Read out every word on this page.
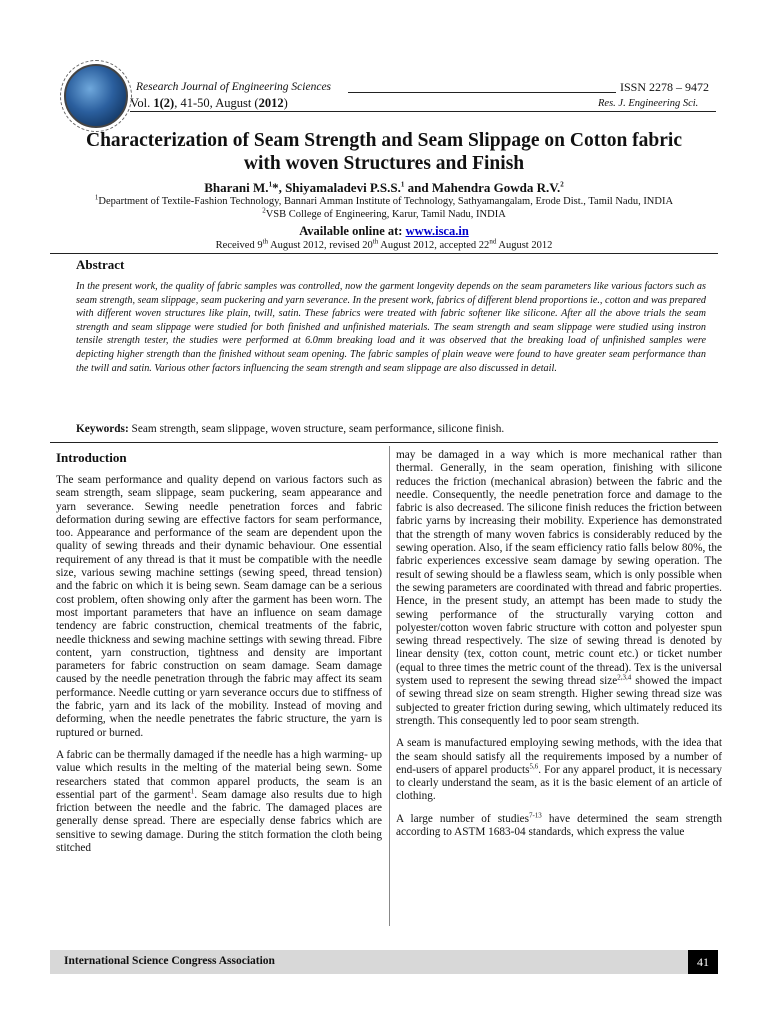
Research Journal of Engineering Sciences	ISSN 2278 – 9472
Vol. 1(2), 41-50, August (2012)	Res. J. Engineering Sci.
Characterization of Seam Strength and Seam Slippage on Cotton fabric
with woven Structures and Finish
Bharani M.$^1$*, Shiyamaladevi P.S.S.$^1$ and Mahendra Gowda R.V.$^2$
$^1$Department of Textile-Fashion Technology, Bannari Amman Institute of Technology, Sathyamangalam, Erode Dist., Tamil Nadu, INDIA
$^2$VSB College of Engineering, Karur, Tamil Nadu, INDIA
Available online at: www.isca.in
Received 9th August 2012, revised 20th August 2012, accepted 22nd August 2012
Abstract
In the present work, the quality of fabric samples was controlled, now the garment longevity depends on the seam parameters like various factors such as seam strength, seam slippage, seam puckering and yarn severance. In the present work, fabrics of different blend proportions ie., cotton and was prepared with different woven structures like plain, twill, satin. These fabrics were treated with fabric softener like silicone. After all the above trials the seam strength and seam slippage were studied for both finished and unfinished materials. The seam strength and seam slippage were studied using instron tensile strength tester, the studies were performed at 6.0mm breaking load and it was observed that the breaking load of unfinished samples were depicting higher strength than the finished without seam opening. The fabric samples of plain weave were found to have greater seam performance than the twill and satin. Various other factors influencing the seam strength and seam slippage are also discussed in detail.
Keywords: Seam strength, seam slippage, woven structure, seam performance, silicone finish.
Introduction

The seam performance and quality depend on various factors such as seam strength, seam slippage, seam puckering, seam appearance and yarn severance. Sewing needle penetration forces and fabric deformation during sewing are effective factors for seam performance, too. Appearance and performance of the seam are dependent upon the quality of sewing threads and their dynamic behaviour. One essential requirement of any thread is that it must be compatible with the needle size, various sewing machine settings (sewing speed, thread tension) and the fabric on which it is being sewn. Seam damage can be a serious cost problem, often showing only after the garment has been worn. The most important parameters that have an influence on seam damage tendency are fabric construction, chemical treatments of the fabric, needle thickness and sewing machine settings with sewing thread. Fibre content, yarn construction, tightness and density are important parameters for fabric construction on seam damage. Seam damage caused by the needle penetration through the fabric may affect its seam performance. Needle cutting or yarn severance occurs due to stiffness of the fabric, yarn and its lack of the mobility. Instead of moving and deforming, when the needle penetrates the fabric structure, the yarn is ruptured or burned.

A fabric can be thermally damaged if the needle has a high warming- up value which results in the melting of the material being sewn. Some researchers stated that common apparel products, the seam is an essential part of the garment$^1$. Seam damage also results due to high friction between the needle and the fabric. The damaged places are generally dense spread. There are especially dense fabrics which are sensitive to sewing damage. During the stitch formation the cloth being stitched

may be damaged in a way which is more mechanical rather than thermal. Generally, in the seam operation, finishing with silicone reduces the friction (mechanical abrasion) between the fabric and the needle. Consequently, the needle penetration force and damage to the fabric is also decreased. The silicone finish reduces the friction between fabric yarns by increasing their mobility. Experience has demonstrated that the strength of many woven fabrics is considerably reduced by the sewing operation. Also, if the seam efficiency ratio falls below 80%, the fabric experiences excessive seam damage by sewing operation. The result of sewing should be a flawless seam, which is only possible when the sewing parameters are coordinated with thread and fabric properties. Hence, in the present study, an attempt has been made to study the sewing performance of the structurally varying cotton and polyester/cotton woven fabric structure with cotton and polyester spun sewing thread respectively. The size of sewing thread is denoted by linear density (tex, cotton count, metric count etc.) or ticket number (equal to three times the metric count of the thread). Tex is the universal system used to represent the sewing thread size$^{2,3,4}$ showed the impact of sewing thread size on seam strength. Higher sewing thread size was subjected to greater friction during sewing, which ultimately reduced its strength. This consequently led to poor seam strength.

A seam is manufactured employing sewing methods, with the idea that the seam should satisfy all the requirements imposed by a number of end-users of apparel products$^{5,6}$. For any apparel product, it is necessary to clearly understand the seam, as it is the basic element of an article of clothing.

A large number of studies$^{7-13}$ have determined the seam strength according to ASTM 1683-04 standards, which express the value

International Science Congress Association	41
